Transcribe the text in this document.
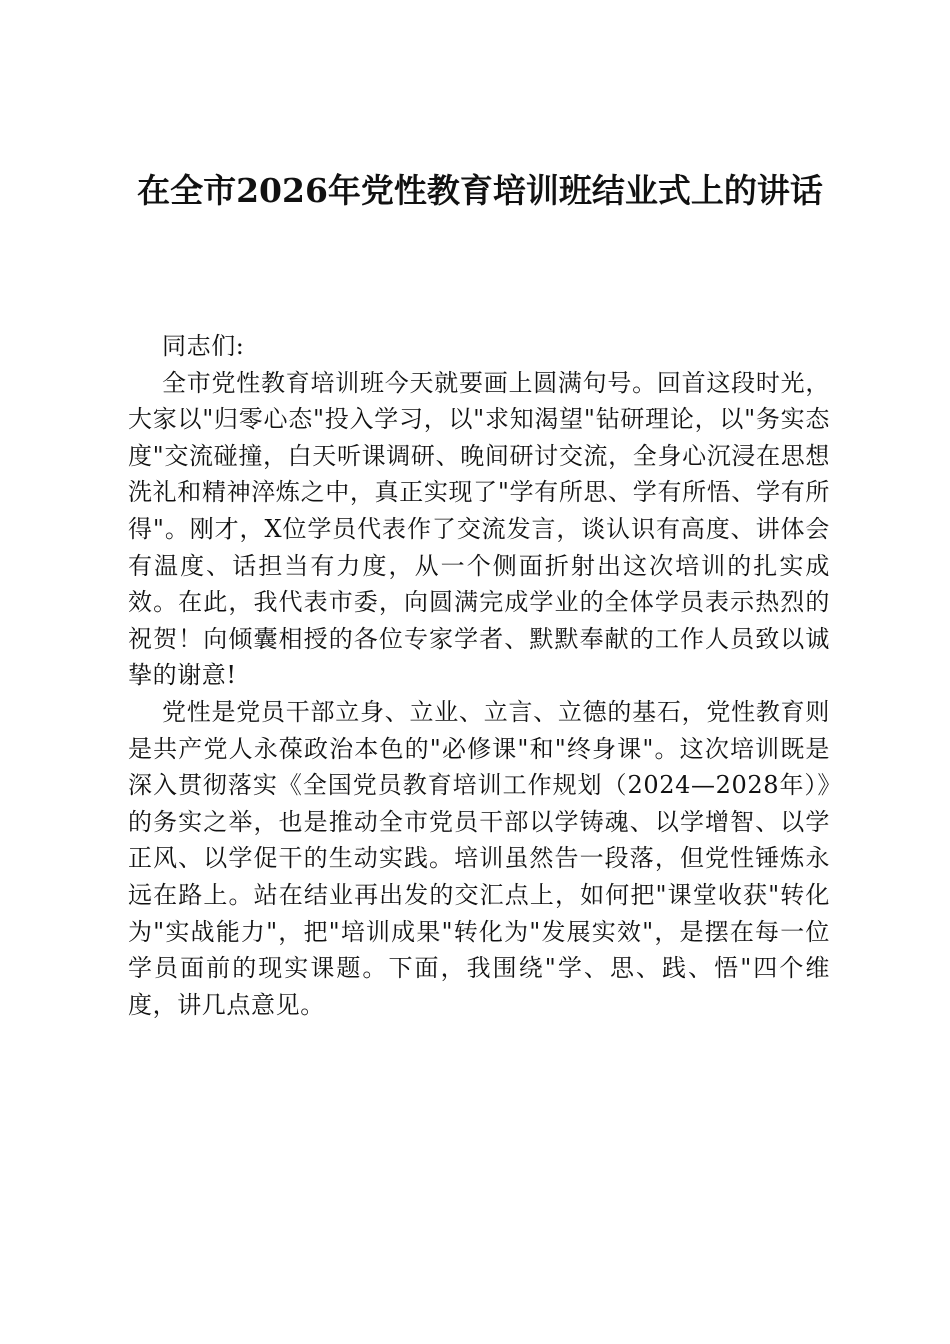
在全市2026年党性教育培训班结业式上的讲话

同志们:

全市党性教育培训班今天就要画上圆满句号。回首这段时光，大家以"归零心态"投入学习，以"求知渴望"钻研理论，以"务实态度"交流碰撞，白天听课调研、晚间研讨交流，全身心沉浸在思想洗礼和精神淬炼之中，真正实现了"学有所思、学有所悟、学有所得"。刚才，X位学员代表作了交流发言，谈认识有高度、讲体会有温度、话担当有力度，从一个侧面折射出这次培训的扎实成效。在此，我代表市委，向圆满完成学业的全体学员表示热烈的祝贺！向倾囊相授的各位专家学者、默默奉献的工作人员致以诚挚的谢意!

党性是党员干部立身、立业、立言、立德的基石，党性教育则是共产党人永葆政治本色的"必修课"和"终身课"。这次培训既是深入贯彻落实《全国党员教育培训工作规划（2024—2028年）》的务实之举，也是推动全市党员干部以学铸魂、以学增智、以学正风、以学促干的生动实践。培训虽然告一段落，但党性锤炼永远在路上。站在结业再出发的交汇点上，如何把"课堂收获"转化为"实战能力"，把"培训成果"转化为"发展实效"，是摆在每一位学员面前的现实课题。下面，我围绕"学、思、践、悟"四个维度，讲几点意见。
